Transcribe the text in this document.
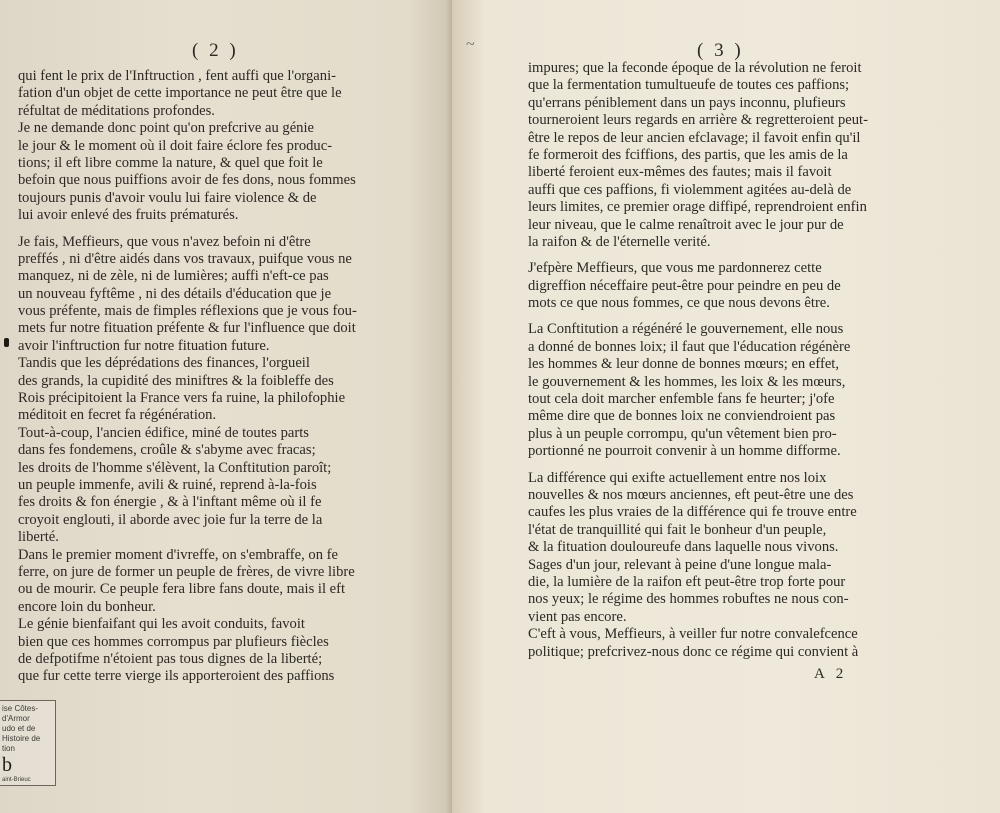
( 2 )
qui fent le prix de l'Inftruction , fent auffi que l'organi-
fation d'un objet de cette importance ne peut être que le
réfultat de méditations profondes.
Je ne demande donc point qu'on prefcrive au génie
le jour & le moment où il doit faire éclore fes produc-
tions; il eft libre comme la nature, & quel que foit le
befoin que nous puiffions avoir de fes dons, nous fommes
toujours punis d'avoir voulu lui faire violence & de
lui avoir enlevé des fruits prématurés.
Je fais, Meffieurs, que vous n'avez befoin ni d'être
preffés , ni d'être aidés dans vos travaux, puifque vous ne
manquez, ni de zèle, ni de lumières; auffi n'eft-ce pas
un nouveau fyftême , ni des détails d'éducation que je
vous préfente, mais de fimples réflexions que je vous fou-
mets fur notre fituation préfente & fur l'influence que doit
avoir l'inftruction fur notre fituation future.
Tandis que les déprédations des finances, l'orgueil
des grands, la cupidité des miniftres & la foibleffe des
Rois précipitoient la France vers fa ruine, la philofophie
méditoit en fecret fa régénération.
Tout-à-coup, l'ancien édifice, miné de toutes parts
dans fes fondemens, croûle & s'abyme avec fracas;
les droits de l'homme s'élèvent, la Conftitution paroît;
un peuple immenfe, avili & ruiné, reprend à-la-fois
fes droits & fon énergie , & à l'inftant même où il fe
croyoit englouti, il aborde avec joie fur la terre de la
liberté.
Dans le premier moment d'ivreffe, on s'embraffe, on fe
ferre, on jure de former un peuple de frères, de vivre libre
ou de mourir. Ce peuple fera libre fans doute, mais il eft
encore loin du bonheur.
Le génie bienfaifant qui les avoit conduits, favoit
bien que ces hommes corrompus par plufieurs fiècles
de defpotifme n'étoient pas tous dignes de la liberté;
que fur cette terre vierge ils apporteroient des paffions
ise Côtes-d'Armor
udo et de
Histoire de
tion
b
aint-Brieuc
( 3 )
impures; que la feconde époque de la révolution ne feroit
que la fermentation tumultueufe de toutes ces paffions;
qu'errans péniblement dans un pays inconnu, plufieurs
tourneroient leurs regards en arrière & regretteroient peut-
être le repos de leur ancien efclavage; il favoit enfin qu'il
fe formeroit des fciffions, des partis, que les amis de la
liberté feroient eux-mêmes des fautes; mais il favoit
auffi que ces paffions, fi violemment agitées au-delà de
leurs limites, ce premier orage diffipé, reprendroient enfin
leur niveau, que le calme renaîtroit avec le jour pur de
la raifon & de l'éternelle verité.
J'efpère Meffieurs, que vous me pardonnerez cette
digreffion néceffaire peut-être pour peindre en peu de
mots ce que nous fommes, ce que nous devons être.
La Conftitution a régénéré le gouvernement, elle nous
a donné de bonnes loix; il faut que l'éducation régénère
les hommes & leur donne de bonnes mœurs; en effet,
le gouvernement & les hommes, les loix & les mœurs,
tout cela doit marcher enfemble fans fe heurter; j'ofe
même dire que de bonnes loix ne conviendroient pas
plus à un peuple corrompu, qu'un vêtement bien pro-
portionné ne pourroit convenir à un homme difforme.
La différence qui exifte actuellement entre nos loix
nouvelles & nos mœurs anciennes, eft peut-être une des
caufes les plus vraies de la différence qui fe trouve entre
l'état de tranquillité qui fait le bonheur d'un peuple,
& la fituation douloureufe dans laquelle nous vivons.
Sages d'un jour, relevant à peine d'une longue mala-
die, la lumière de la raifon eft peut-être trop forte pour
nos yeux; le régime des hommes robuftes ne nous con-
vient pas encore.
C'eft à vous, Meffieurs, à veiller fur notre convalefcence
politique; prefcrivez-nous donc ce régime qui convient à
A 2
~
